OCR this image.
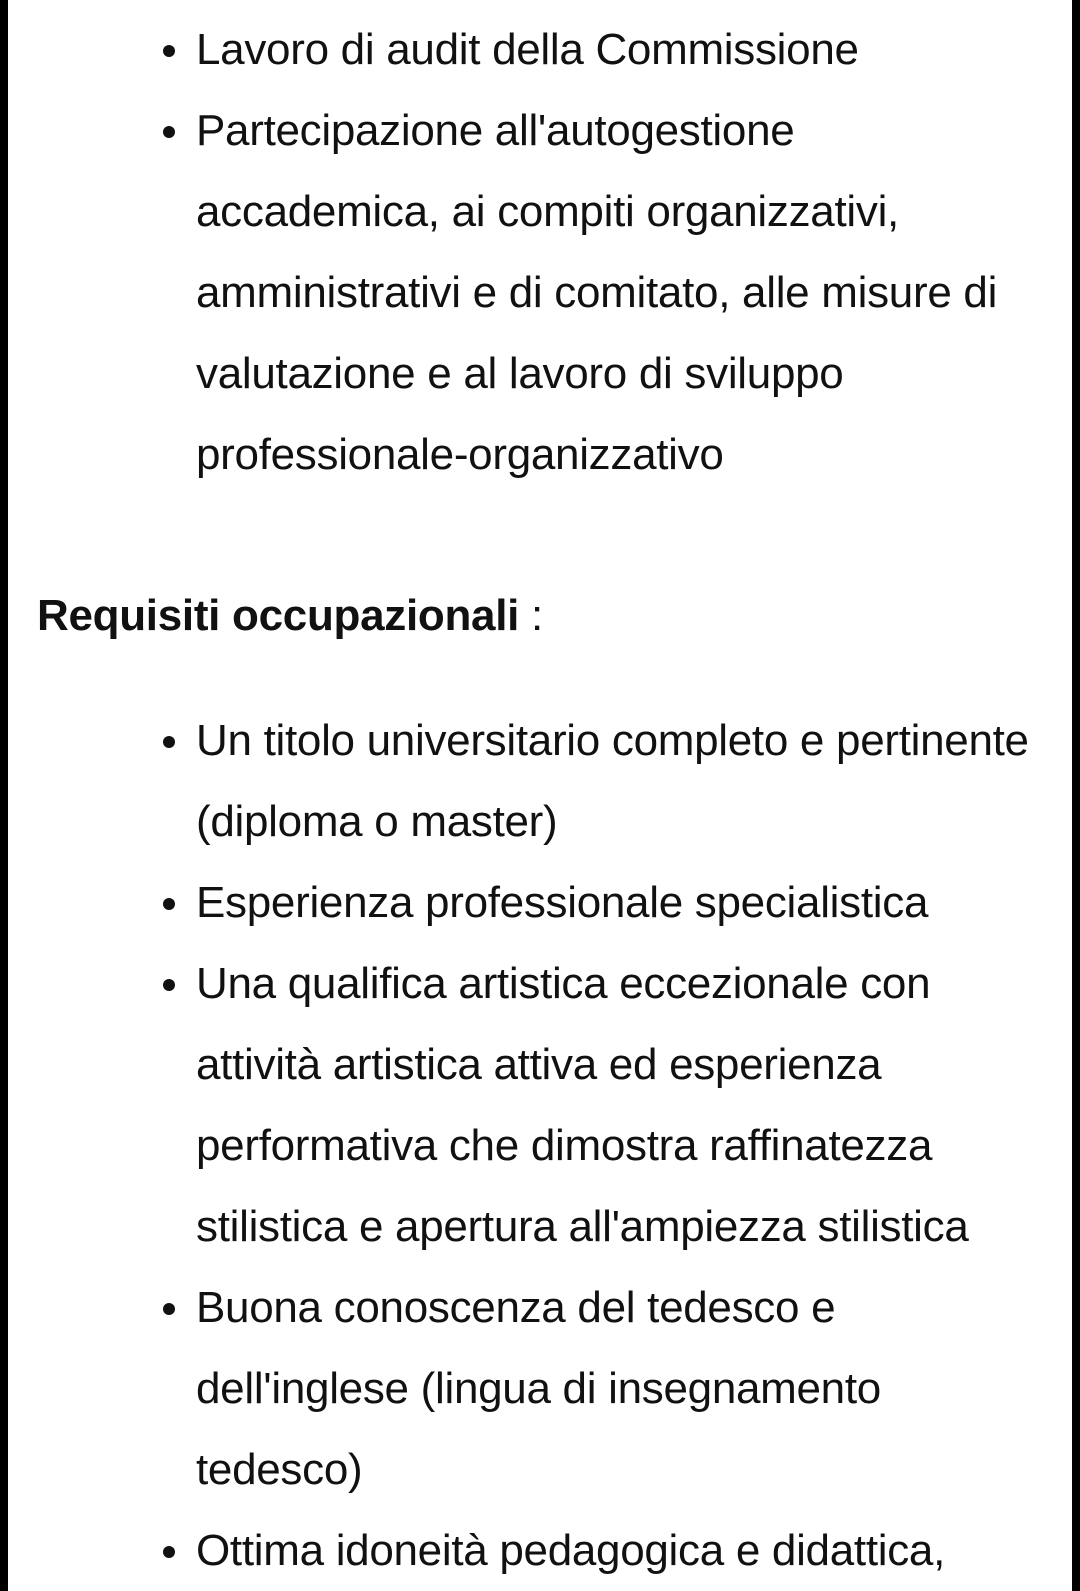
Lavoro di audit della Commissione
Partecipazione all'autogestione accademica, ai compiti organizzativi, amministrativi e di comitato, alle misure di valutazione e al lavoro di sviluppo professionale-organizzativo
Requisiti occupazionali :
Un titolo universitario completo e pertinente (diploma o master)
Esperienza professionale specialistica
Una qualifica artistica eccezionale con attività artistica attiva ed esperienza performativa che dimostra raffinatezza stilistica e apertura all'ampiezza stilistica
Buona conoscenza del tedesco e dell'inglese (lingua di insegnamento tedesco)
Ottima idoneità pedagogica e didattica,
